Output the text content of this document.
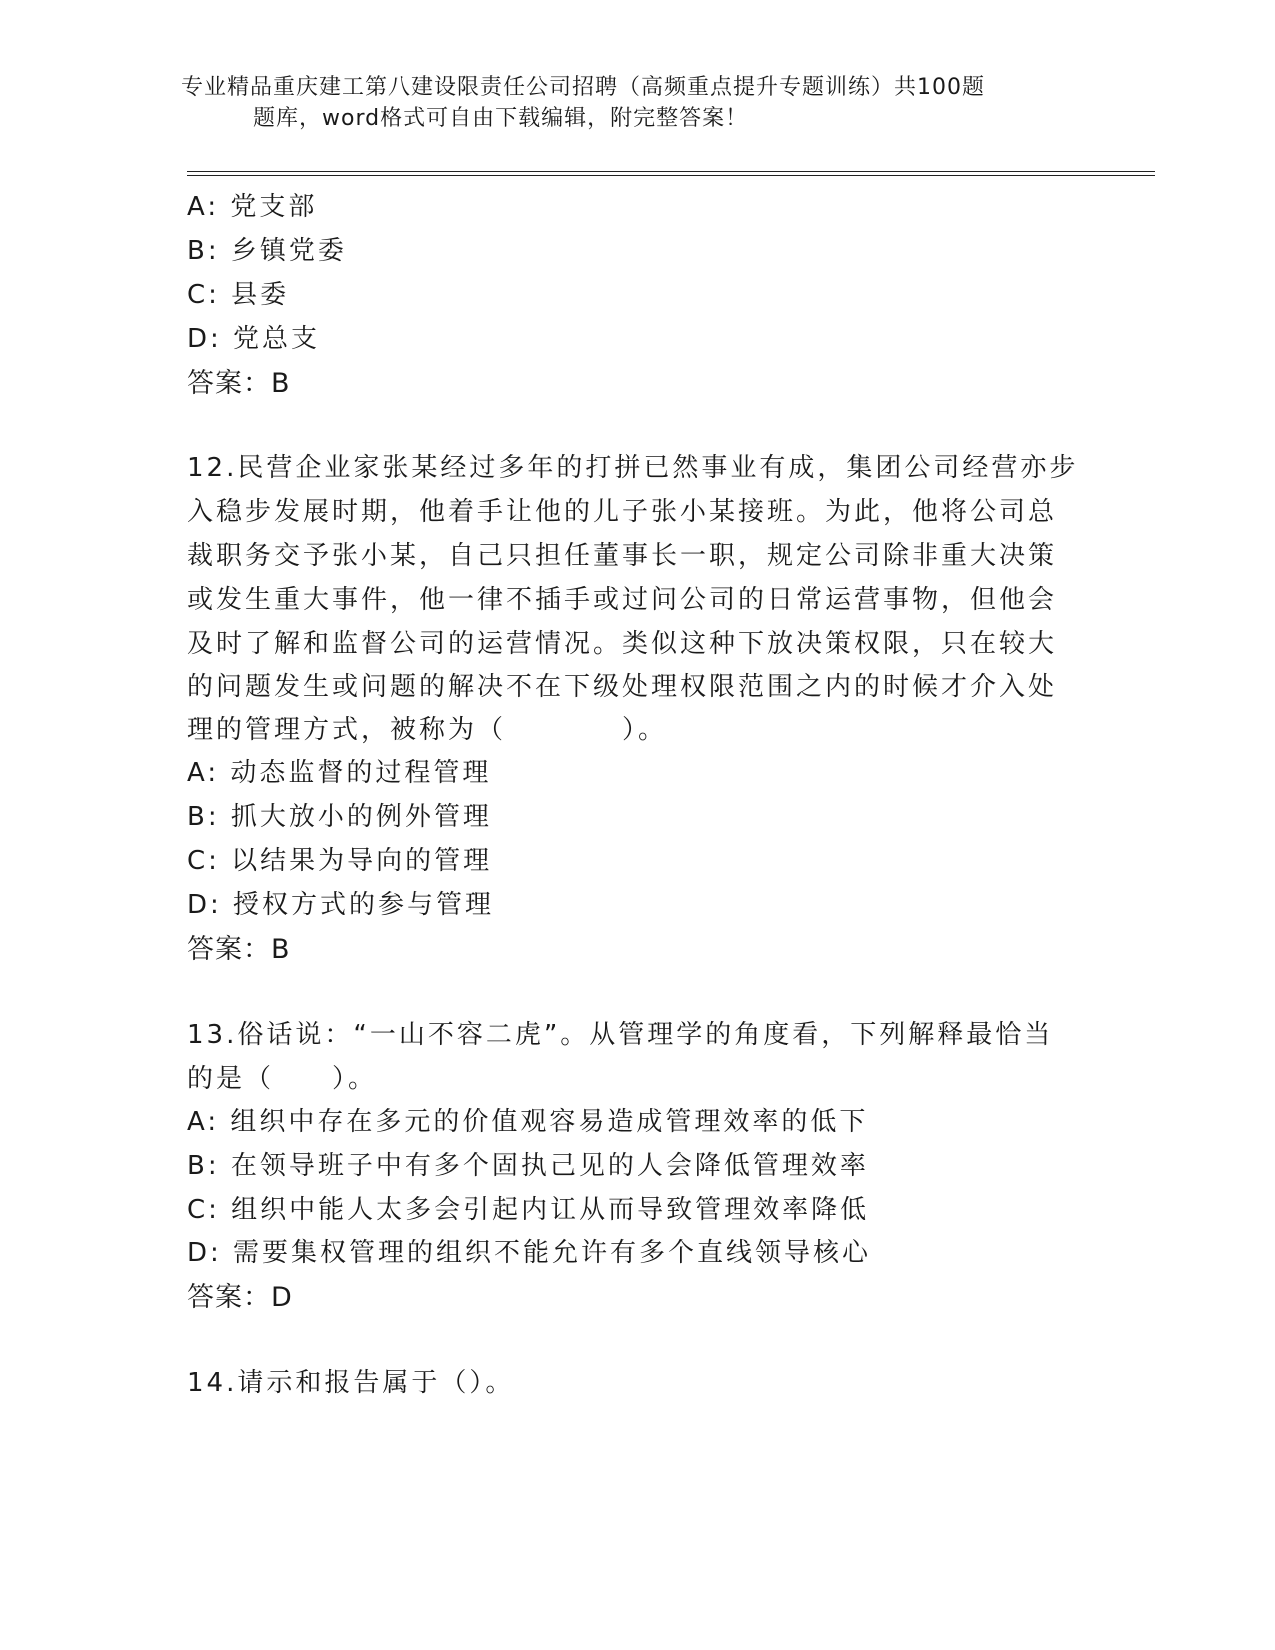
专业精品重庆建工第八建设限责任公司招聘（高频重点提升专题训练）共100题
题库，word格式可自由下载编辑，附完整答案！
A: 党支部
B: 乡镇党委
C: 县委
D: 党总支
答案：B
12.民营企业家张某经过多年的打拼已然事业有成，集团公司经营亦步
入稳步发展时期，他着手让他的儿子张小某接班。为此，他将公司总
裁职务交予张小某，自己只担任董事长一职，规定公司除非重大决策
或发生重大事件，他一律不插手或过问公司的日常运营事物，但他会
及时了解和监督公司的运营情况。类似这种下放决策权限，只在较大
的问题发生或问题的解决不在下级处理权限范围之内的时候才介入处
理的管理方式，被称为（　　　　）。
A: 动态监督的过程管理
B: 抓大放小的例外管理
C: 以结果为导向的管理
D: 授权方式的参与管理
答案：B
13.俗话说：“一山不容二虎”。从管理学的角度看，下列解释最恰当
的是（　　）。
A: 组织中存在多元的价值观容易造成管理效率的低下
B: 在领导班子中有多个固执己见的人会降低管理效率
C: 组织中能人太多会引起内讧从而导致管理效率降低
D: 需要集权管理的组织不能允许有多个直线领导核心
答案：D
14.请示和报告属于（）。
